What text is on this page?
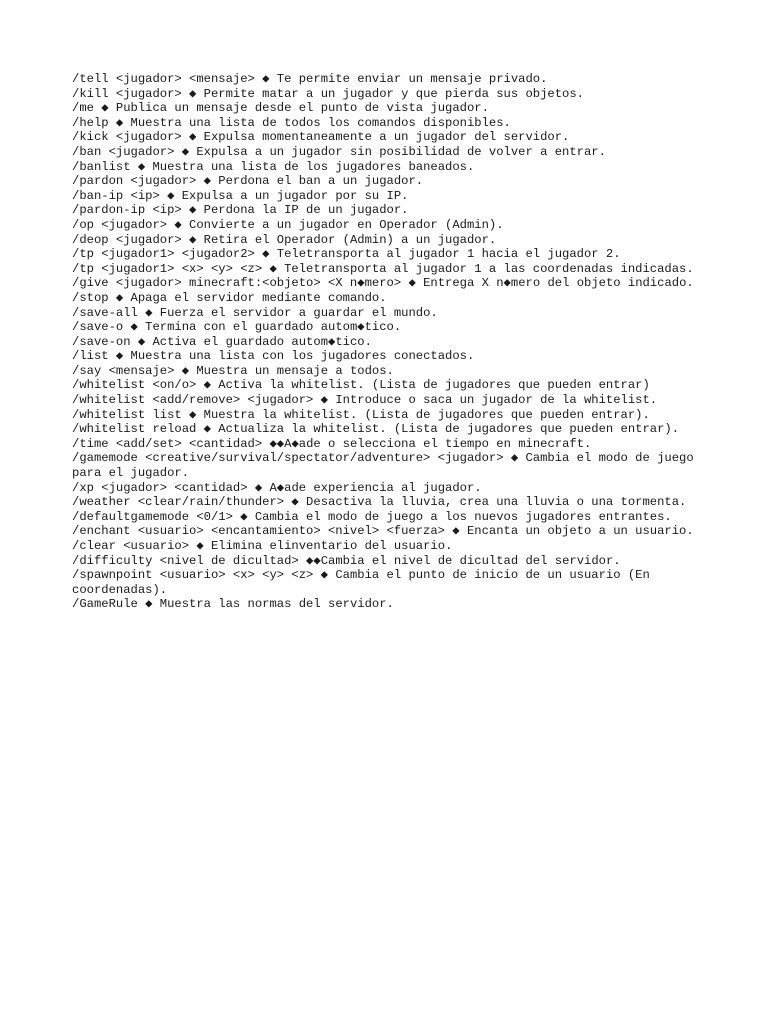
/tell <jugador> <mensaje> ◆ Te permite enviar un mensaje privado.

/kill <jugador> ◆ Permite matar a un jugador y que pierda sus objetos.

/me ◆ Publica un mensaje desde el punto de vista jugador.

/help ◆ Muestra una lista de todos los comandos disponibles.

/kick <jugador> ◆ Expulsa momentaneamente a un jugador del servidor.

/ban <jugador> ◆ Expulsa a un jugador sin posibilidad de volver a entrar.

/banlist ◆ Muestra una lista de los jugadores baneados.

/pardon <jugador> ◆ Perdona el ban a un jugador.

/ban-ip <ip> ◆ Expulsa a un jugador por su IP.

/pardon-ip <ip> ◆ Perdona la IP de un jugador.

/op <jugador> ◆ Convierte a un jugador en Operador (Admin).

/deop <jugador> ◆ Retira el Operador (Admin) a un jugador.

/tp <jugador1> <jugador2> ◆ Teletransporta al jugador 1 hacia el jugador 2.

/tp <jugador1> <x> <y> <z> ◆ Teletransporta al jugador 1 a las coordenadas indicadas.

/give <jugador> minecraft:<objeto> <X n◆mero> ◆ Entrega X n◆mero del objeto indicado.

/stop ◆ Apaga el servidor mediante comando.

/save-all ◆ Fuerza el servidor a guardar el mundo.

/save-o ◆ Termina con el guardado autom◆tico.

/save-on ◆ Activa el guardado autom◆tico.

/list ◆ Muestra una lista con los jugadores conectados.

/say <mensaje> ◆ Muestra un mensaje a todos.

/whitelist <on/o> ◆ Activa la whitelist. (Lista de jugadores que pueden entrar)

/whitelist <add/remove> <jugador> ◆ Introduce o saca un jugador de la whitelist.

/whitelist list ◆ Muestra la whitelist. (Lista de jugadores que pueden entrar).

/whitelist reload ◆ Actualiza la whitelist. (Lista de jugadores que pueden entrar).

/time <add/set> <cantidad> ◆◆A◆ade o selecciona el tiempo en minecraft.

/gamemode <creative/survival/spectator/adventure> <jugador> ◆ Cambia el modo de juego para el jugador.

/xp <jugador> <cantidad> ◆ A◆ade experiencia al jugador.

/weather <clear/rain/thunder> ◆ Desactiva la lluvia, crea una lluvia o una tormenta.

/defaultgamemode <0/1> ◆ Cambia el modo de juego a los nuevos jugadores entrantes.

/enchant <usuario> <encantamiento> <nivel> <fuerza> ◆ Encanta un objeto a un usuario.

/clear <usuario> ◆ Elimina elinventario del usuario.

/difficulty <nivel de dicultad> ◆◆Cambia el nivel de dicultad del servidor.

/spawnpoint <usuario> <x> <y> <z> ◆ Cambia el punto de inicio de un usuario (En coordenadas).

/GameRule ◆ Muestra las normas del servidor.
